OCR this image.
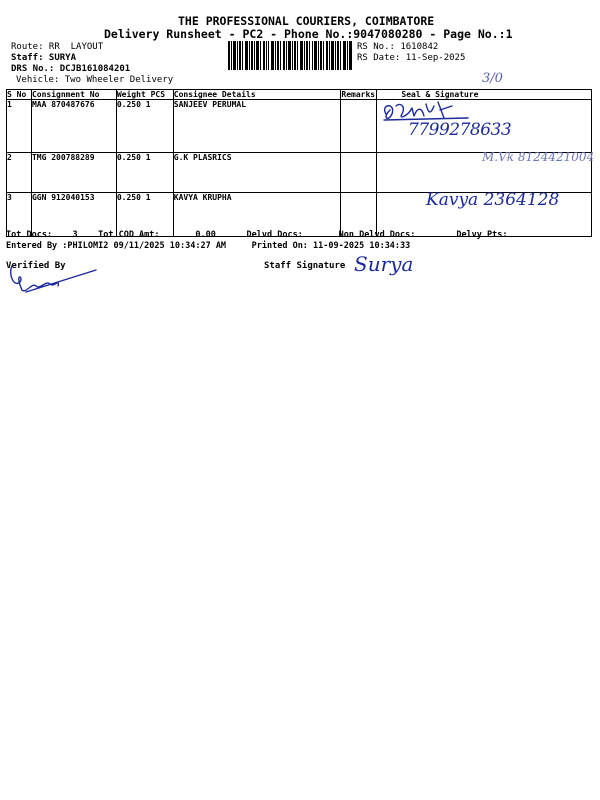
THE PROFESSIONAL COURIERS, COIMBATORE
Delivery Runsheet - PC2 - Phone No.:9047080280 - Page No.:1
Route: RR  LAYOUT
Staff: SURYA
DRS No.: DCJB161084201
Vehicle: Two Wheeler Delivery
RS No.: 1610842
RS Date: 11-Sep-2025
3/0
S No	Consignment No	Weight PCS	Consignee Details	Remarks	Seal & Signature
1	MAA 870487676	0.250 1	SANJEEV PERUMAL		
2	TMG 200788289	0.250 1	G.K PLASRICS		
3	GGN 912040153	0.250 1	KAVYA KRUPHA		
7799278633
M.Vk 8124421004
Kavya 2364128
Tot Docs:    3    Tot COD Amt:       0.00      Delvd Docs:       Non Delvd Docs:        Delvy Pts:
Entered By :PHILOMI2 09/11/2025 10:34:27 AM     Printed On: 11-09-2025 10:34:33
Verified By	Staff Signature Surya
